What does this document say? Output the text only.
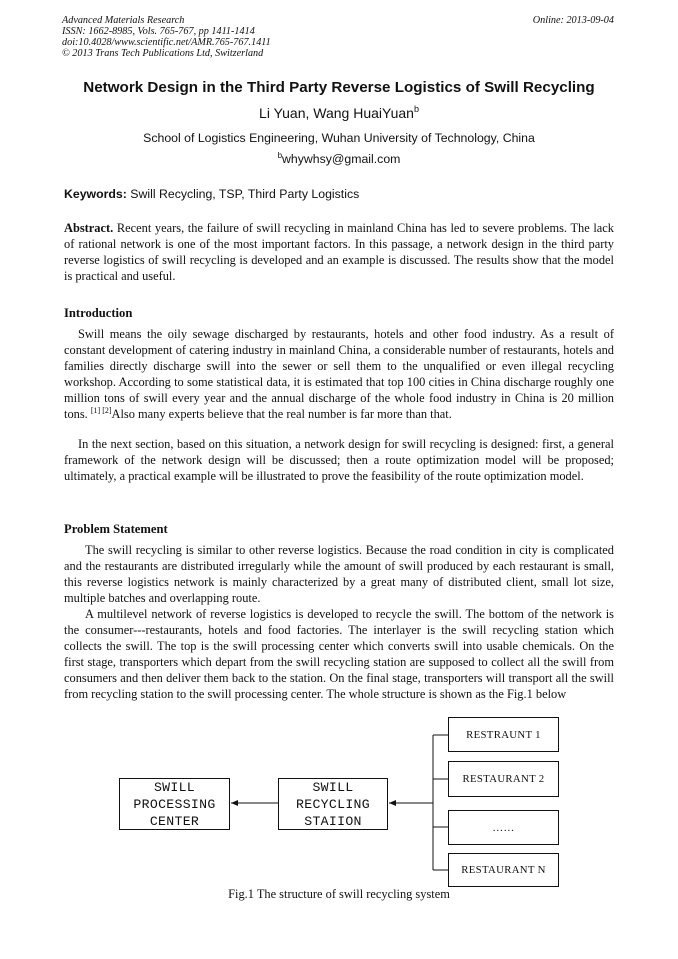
Advanced Materials Research
ISSN: 1662-8985, Vols. 765-767, pp 1411-1414
doi:10.4028/www.scientific.net/AMR.765-767.1411
© 2013 Trans Tech Publications Ltd, Switzerland
Online: 2013-09-04
Network Design in the Third Party Reverse Logistics of Swill Recycling
Li Yuan, Wang HuaiYuan$^b$
School of Logistics Engineering, Wuhan University of Technology, China
$^b$whywhsy@gmail.com
Keywords: Swill Recycling, TSP, Third Party Logistics
Abstract. Recent years, the failure of swill recycling in mainland China has led to severe problems. The lack of rational network is one of the most important factors. In this passage, a network design in the third party reverse logistics of swill recycling is developed and an example is discussed. The results show that the model is practical and useful.
Introduction
Swill means the oily sewage discharged by restaurants, hotels and other food industry. As a result of constant development of catering industry in mainland China, a considerable number of restaurants, hotels and families directly discharge swill into the sewer or sell them to the unqualified or even illegal recycling workshop. According to some statistical data, it is estimated that top 100 cities in China discharge roughly one million tons of swill every year and the annual discharge of the whole food industry in China is 20 million tons. [1] [2]Also many experts believe that the real number is far more than that.
In the next section, based on this situation, a network design for swill recycling is designed: first, a general framework of the network design will be discussed; then a route optimization model will be proposed; ultimately, a practical example will be illustrated to prove the feasibility of the route optimization model.
Problem Statement
The swill recycling is similar to other reverse logistics. Because the road condition in city is complicated and the restaurants are distributed irregularly while the amount of swill produced by each restaurant is small, this reverse logistics network is mainly characterized by a great many of distributed client, small lot size, multiple batches and overlapping route.
A multilevel network of reverse logistics is developed to recycle the swill. The bottom of the network is the consumer---restaurants, hotels and food factories. The interlayer is the swill recycling station which collects the swill. The top is the swill processing center which converts swill into usable chemicals. On the first stage, transporters which depart from the swill recycling station are supposed to collect all the swill from consumers and then deliver them back to the station. On the final stage, transporters will transport all the swill from recycling station to the swill processing center. The whole structure is shown as the Fig.1 below
SWILL
PROCESSING
CENTER
SWILL
RECYCLING
STAIION
RESTRAUNT 1
RESTAURANT 2
……
RESTAURANT N
Fig.1 The structure of swill recycling system
